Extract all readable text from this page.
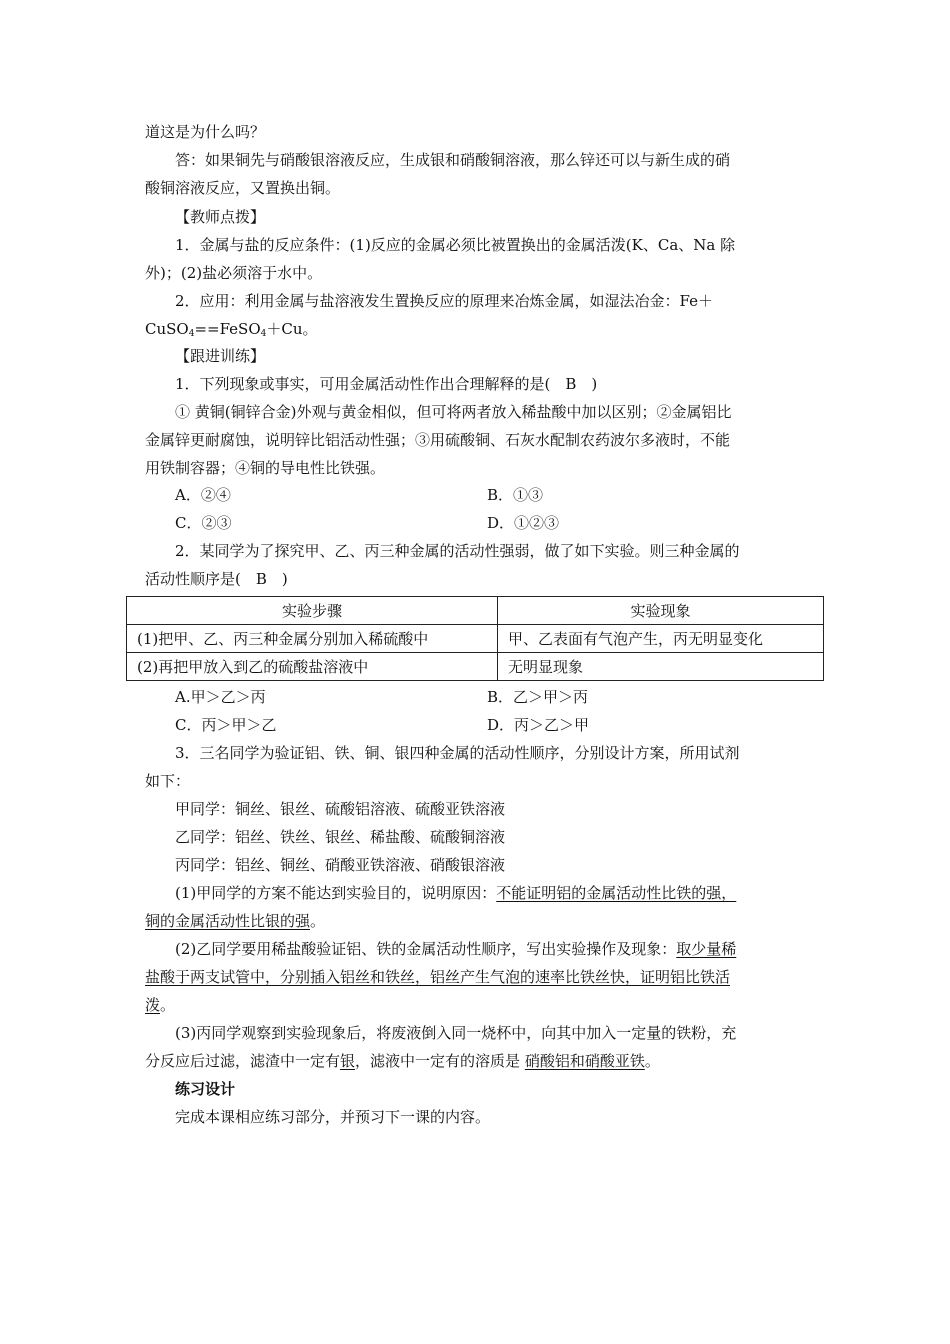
道这是为什么吗？
答：如果铜先与硝酸银溶液反应，生成银和硝酸铜溶液，那么锌还可以与新生成的硝
酸铜溶液反应，又置换出铜。
【教师点拨】
1．金属与盐的反应条件：(1)反应的金属必须比被置换出的金属活泼(K、Ca、Na 除
外)；(2)盐必须溶于水中。
2．应用：利用金属与盐溶液发生置换反应的原理来冶炼金属，如湿法冶金：Fe＋
CuSO$_4$==FeSO$_4$＋Cu。
【跟进训练】
1．下列现象或事实，可用金属活动性作出合理解释的是(　B　)
① 黄铜(铜锌合金)外观与黄金相似，但可将两者放入稀盐酸中加以区别；②金属铝比
金属锌更耐腐蚀，说明锌比铝活动性强；③用硫酸铜、石灰水配制农药波尔多液时，不能
用铁制容器；④铜的导电性比铁强。
A．②④	B．①③
C．②③	D．①②③
2．某同学为了探究甲、乙、丙三种金属的活动性强弱，做了如下实验。则三种金属的
活动性顺序是(　B　)
实验步骤	实验现象
(1)把甲、乙、丙三种金属分别加入稀硫酸中	甲、乙表面有气泡产生，丙无明显变化
(2)再把甲放入到乙的硫酸盐溶液中	无明显现象
A.甲＞乙＞丙	B．乙＞甲＞丙
C．丙＞甲＞乙	D．丙＞乙＞甲
3．三名同学为验证铝、铁、铜、银四种金属的活动性顺序，分别设计方案，所用试剂
如下：
甲同学：铜丝、银丝、硫酸铝溶液、硫酸亚铁溶液
乙同学：铝丝、铁丝、银丝、稀盐酸、硫酸铜溶液
丙同学：铝丝、铜丝、硝酸亚铁溶液、硝酸银溶液
(1)甲同学的方案不能达到实验目的，说明原因：不能证明铝的金属活动性比铁的强，
铜的金属活动性比银的强。
(2)乙同学要用稀盐酸验证铝、铁的金属活动性顺序，写出实验操作及现象：取少量稀
盐酸于两支试管中，分别插入铝丝和铁丝，铝丝产生气泡的速率比铁丝快，证明铝比铁活
泼。
(3)丙同学观察到实验现象后，将废液倒入同一烧杯中，向其中加入一定量的铁粉，充
分反应后过滤，滤渣中一定有银，滤液中一定有的溶质是 硝酸铝和硝酸亚铁。
练习设计
完成本课相应练习部分，并预习下一课的内容。
